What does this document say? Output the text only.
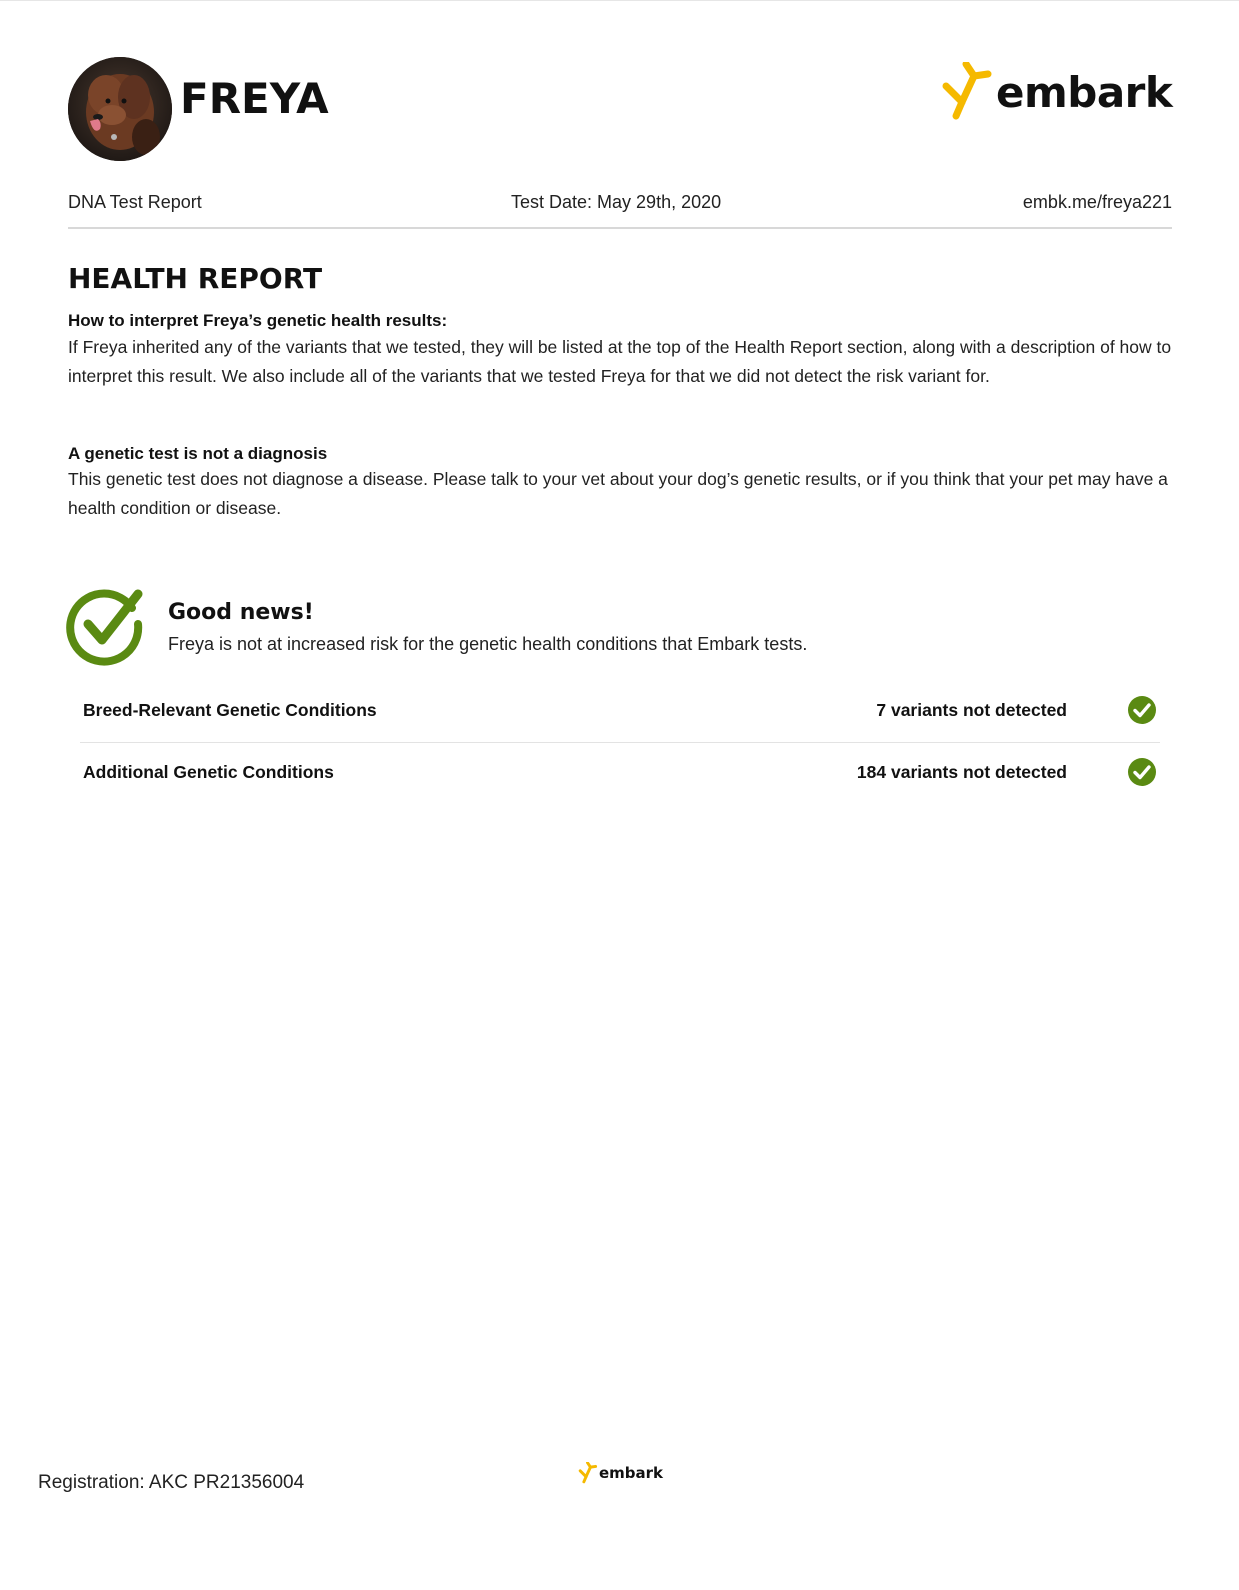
FREYA	embark
DNA Test Report	Test Date: May 29th, 2020	embk.me/freya221
HEALTH REPORT
How to interpret Freya’s genetic health results:
If Freya inherited any of the variants that we tested, they will be listed at the top of the Health Report section, along with a description of how to interpret this result. We also include all of the variants that we tested Freya for that we did not detect the risk variant for.
A genetic test is not a diagnosis
This genetic test does not diagnose a disease. Please talk to your vet about your dog’s genetic results, or if you think that your pet may have a health condition or disease.
Good news!
Freya is not at increased risk for the genetic health conditions that Embark tests.
Breed-Relevant Genetic Conditions	7 variants not detected
Additional Genetic Conditions	184 variants not detected
Registration: AKC PR21356004	embark
